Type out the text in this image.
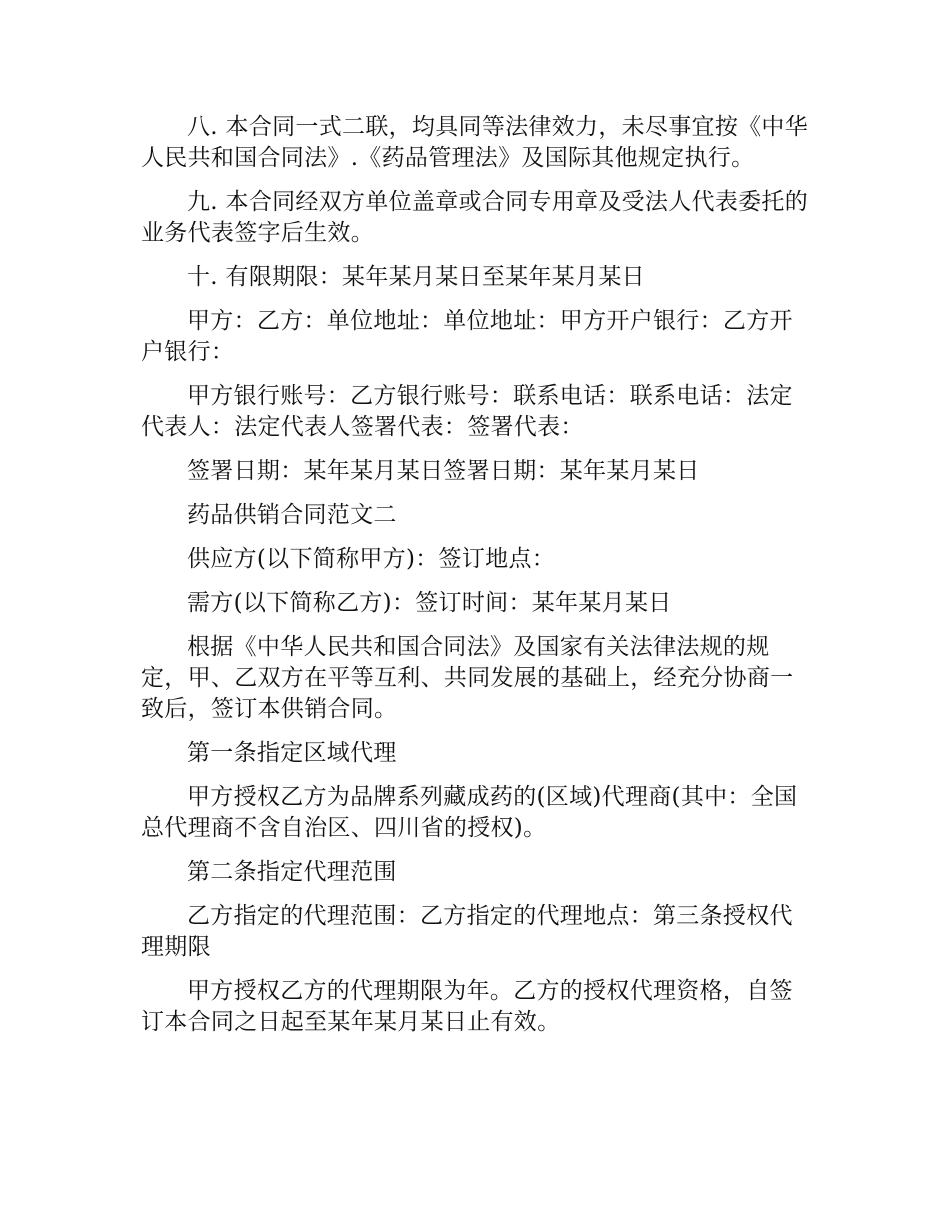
八. 本合同一式二联，均具同等法律效力，未尽事宜按《中华人民共和国合同法》.《药品管理法》及国际其他规定执行。

九. 本合同经双方单位盖章或合同专用章及受法人代表委托的业务代表签字后生效。

十. 有限期限：某年某月某日至某年某月某日

甲方：乙方：单位地址：单位地址：甲方开户银行：乙方开户银行：

甲方银行账号：乙方银行账号：联系电话：联系电话：法定代表人：法定代表人签署代表：签署代表：

签署日期：某年某月某日签署日期：某年某月某日

药品供销合同范文二

供应方(以下简称甲方)：签订地点：

需方(以下简称乙方)：签订时间：某年某月某日

根据《中华人民共和国合同法》及国家有关法律法规的规定，甲、乙双方在平等互利、共同发展的基础上，经充分协商一致后，签订本供销合同。

第一条指定区域代理

甲方授权乙方为品牌系列藏成药的(区域)代理商(其中：全国总代理商不含自治区、四川省的授权)。

第二条指定代理范围

乙方指定的代理范围：乙方指定的代理地点：第三条授权代理期限

甲方授权乙方的代理期限为年。乙方的授权代理资格，自签订本合同之日起至某年某月某日止有效。
